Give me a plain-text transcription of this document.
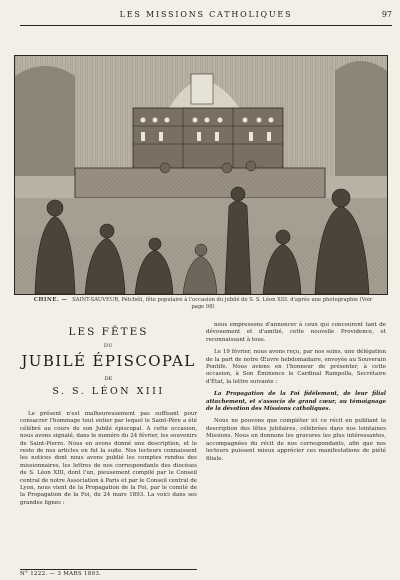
LES MISSIONS CATHOLIQUES	97
CHINE. — SAINT-SAUVEUR, Pétchéli, fête populaire à l'occasion du jubilé de S. S. Léon XIII. d'après une photographie (Voir page 98)
LES FÊTES
DU
JUBILÉ ÉPISCOPAL
DE
S. S. LÉON XIII

Le présent n'est malheureusement pas suffisant pour consacrer l'hommage tout entier par lequel le Saint-Père a été célébré au cours de son Jubilé épiscopal. A cette occasion, nous avons signalé, dans le numéro du 24 février, les souvenirs de Saint-Pierre. Nous en avons donné une description, et le reste de nos articles en fut la suite. Nos lecteurs connaissent les notices dont nous avons publié les comptes rendus des missionnaires, les lettres de nos correspondants des diocèses de S. Léon XIII, dont l'un, pieusement compilé par le Conseil central de notre Association à Paris et par le Conseil central de Lyon, nous vient de la Propagation de la Foi, par le comité de la Propagation de la Foi, du 24 mars 1893. La voici dans ses grandes lignes :

nous empressons d'annoncer à ceux qui concourent tant de dévouement et d'amitié, cette nouvelle Providence, et reconnaissant à tous.

Le 19 février, nous avons reçu, par nos soins, une délégation de la part de notre Œuvre hebdomadaire, envoyée au Souverain Pontife. Nous avions en l'honneur de présenter, à cette occasion, à Son Éminence le Cardinal Rampolla, Secrétaire d'État, la lettre suivante :

La Propagation de la Foi fidèlement, de leur filial attachement, et s'associe de grand cœur, au témoignage de la dévotion des Missions catholiques.

Nous ne pouvons que compléter ici ce récit en publiant la description des fêtes jubilaires, célébrées dans nos lointaines Missions. Nous en donnons les gravures les plus intéressantes, accompagnées du récit de nos correspondants, afin que nos lecteurs puissent mieux apprécier ces manifestations de piété filiale.

N° 1222. — 3 MARS 1893.
